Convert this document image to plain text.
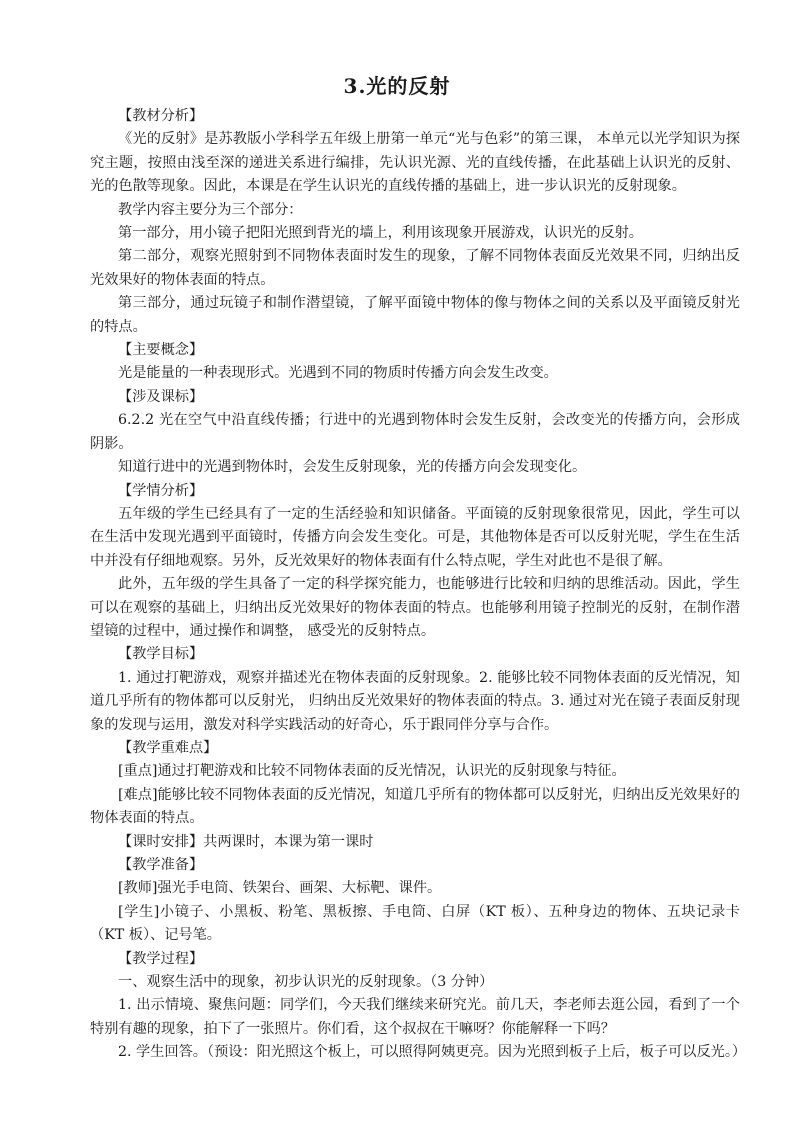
3.光的反射

【教材分析】

《光的反射》是苏教版小学科学五年级上册第一单元“光与色彩”的第三课， 本单元以光学知识为探究主题，按照由浅至深的递进关系进行编排，先认识光源、光的直线传播，在此基础上认识光的反射、光的色散等现象。因此，本课是在学生认识光的直线传播的基础上，进一步认识光的反射现象。

教学内容主要分为三个部分：

第一部分，用小镜子把阳光照到背光的墙上，利用该现象开展游戏，认识光的反射。

第二部分，观察光照射到不同物体表面时发生的现象，了解不同物体表面反光效果不同，归纳出反光效果好的物体表面的特点。

第三部分，通过玩镜子和制作潜望镜，了解平面镜中物体的像与物体之间的关系以及平面镜反射光的特点。

【主要概念】

光是能量的一种表现形式。光遇到不同的物质时传播方向会发生改变。

【涉及课标】

6.2.2 光在空气中沿直线传播；行进中的光遇到物体时会发生反射，会改变光的传播方向，会形成阴影。

知道行进中的光遇到物体时，会发生反射现象，光的传播方向会发现变化。

【学情分析】

五年级的学生已经具有了一定的生活经验和知识储备。平面镜的反射现象很常见，因此，学生可以在生活中发现光遇到平面镜时，传播方向会发生变化。可是，其他物体是否可以反射光呢，学生在生活中并没有仔细地观察。另外，反光效果好的物体表面有什么特点呢，学生对此也不是很了解。

此外，五年级的学生具备了一定的科学探究能力，也能够进行比较和归纳的思维活动。因此，学生可以在观察的基础上，归纳出反光效果好的物体表面的特点。也能够利用镜子控制光的反射，在制作潜望镜的过程中，通过操作和调整， 感受光的反射特点。

【教学目标】

1. 通过打靶游戏，观察并描述光在物体表面的反射现象。2. 能够比较不同物体表面的反光情况，知道几乎所有的物体都可以反射光， 归纳出反光效果好的物体表面的特点。3. 通过对光在镜子表面反射现象的发现与运用，激发对科学实践活动的好奇心，乐于跟同伴分享与合作。

【教学重难点】

[重点]通过打靶游戏和比较不同物体表面的反光情况，认识光的反射现象与特征。

[难点]能够比较不同物体表面的反光情况，知道几乎所有的物体都可以反射光，归纳出反光效果好的物体表面的特点。

【课时安排】共两课时，本课为第一课时

【教学准备】

[教师]强光手电筒、铁架台、画架、大标靶、课件。

[学生]小镜子、小黑板、粉笔、黑板擦、手电筒、白屏（KT 板）、五种身边的物体、五块记录卡（KT 板）、记号笔。

【教学过程】

一、观察生活中的现象，初步认识光的反射现象。（3 分钟）

1. 出示情境、聚焦问题：同学们，今天我们继续来研究光。前几天，李老师去逛公园，看到了一个特别有趣的现象，拍下了一张照片。你们看，这个叔叔在干嘛呀？你能解释一下吗？

2. 学生回答。（预设：阳光照这个板上，可以照得阿姨更亮。因为光照到板子上后，板子可以反光。）
